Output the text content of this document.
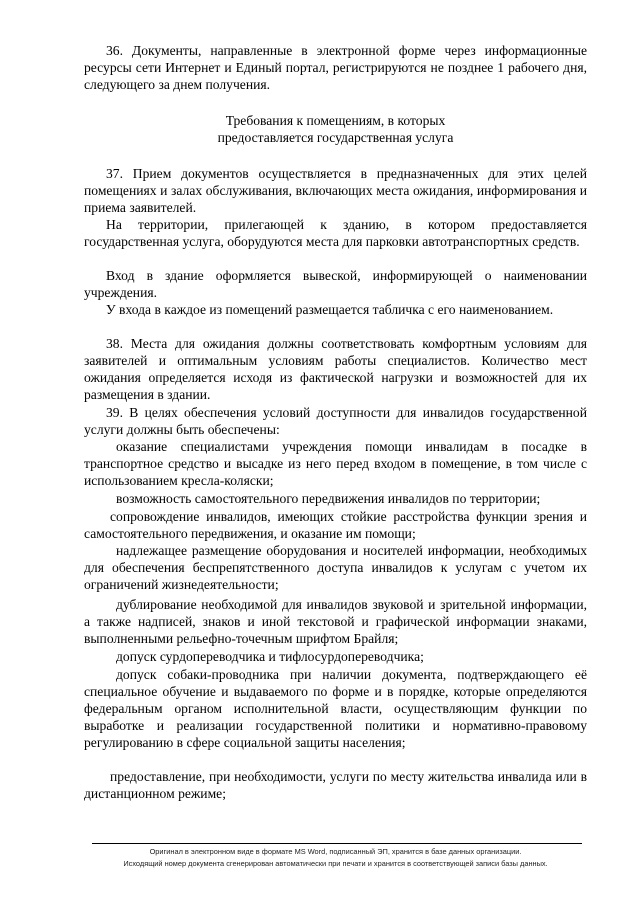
36. Документы, направленные в электронной форме через информационные ресурсы сети Интернет и Единый портал, регистрируются не позднее 1 рабочего дня, следующего за днем получения.

Требования к помещениям, в которых

предоставляется государственная услуга

37. Прием документов осуществляется в предназначенных для этих целей помещениях и залах обслуживания, включающих места ожидания, информирования и приема заявителей.

На территории, прилегающей к зданию, в котором предоставляется государственная услуга, оборудуются места для парковки автотранспортных средств.

Вход в здание оформляется вывеской, информирующей о наименовании учреждения.

У входа в каждое из помещений размещается табличка с его наименованием.

38. Места для ожидания должны соответствовать комфортным условиям для заявителей и оптимальным условиям работы специалистов. Количество мест ожидания определяется исходя из фактической нагрузки и возможностей для их размещения в здании.

39. В целях обеспечения условий доступности для инвалидов государственной услуги должны быть обеспечены:

оказание специалистами учреждения помощи инвалидам в посадке в транспортное средство и высадке из него перед входом в помещение, в том числе с использованием кресла-коляски;

возможность самостоятельного передвижения инвалидов по территории;

сопровождение инвалидов, имеющих стойкие расстройства функции зрения и самостоятельного передвижения, и оказание им помощи;

надлежащее размещение оборудования и носителей информации, необходимых для обеспечения беспрепятственного доступа инвалидов к услугам с учетом их ограничений жизнедеятельности;

дублирование необходимой для инвалидов звуковой и зрительной информации, а также надписей, знаков и иной текстовой и графической информации знаками, выполненными рельефно-точечным шрифтом Брайля;

допуск сурдопереводчика и тифлосурдопереводчика;

допуск собаки-проводника при наличии документа, подтверждающего её специальное обучение и выдаваемого по форме и в порядке, которые определяются федеральным органом исполнительной власти, осуществляющим функции по выработке и реализации государственной политики и нормативно-правовому регулированию в сфере социальной защиты населения;

предоставление, при необходимости, услуги по месту жительства инвалида или в дистанционном режиме;

Оригинал в электронном виде в формате MS Word, подписанный ЭП, хранится в базе данных организации.
Исходящий номер документа сгенерирован автоматически при печати и хранится в соответствующей записи базы данных.
